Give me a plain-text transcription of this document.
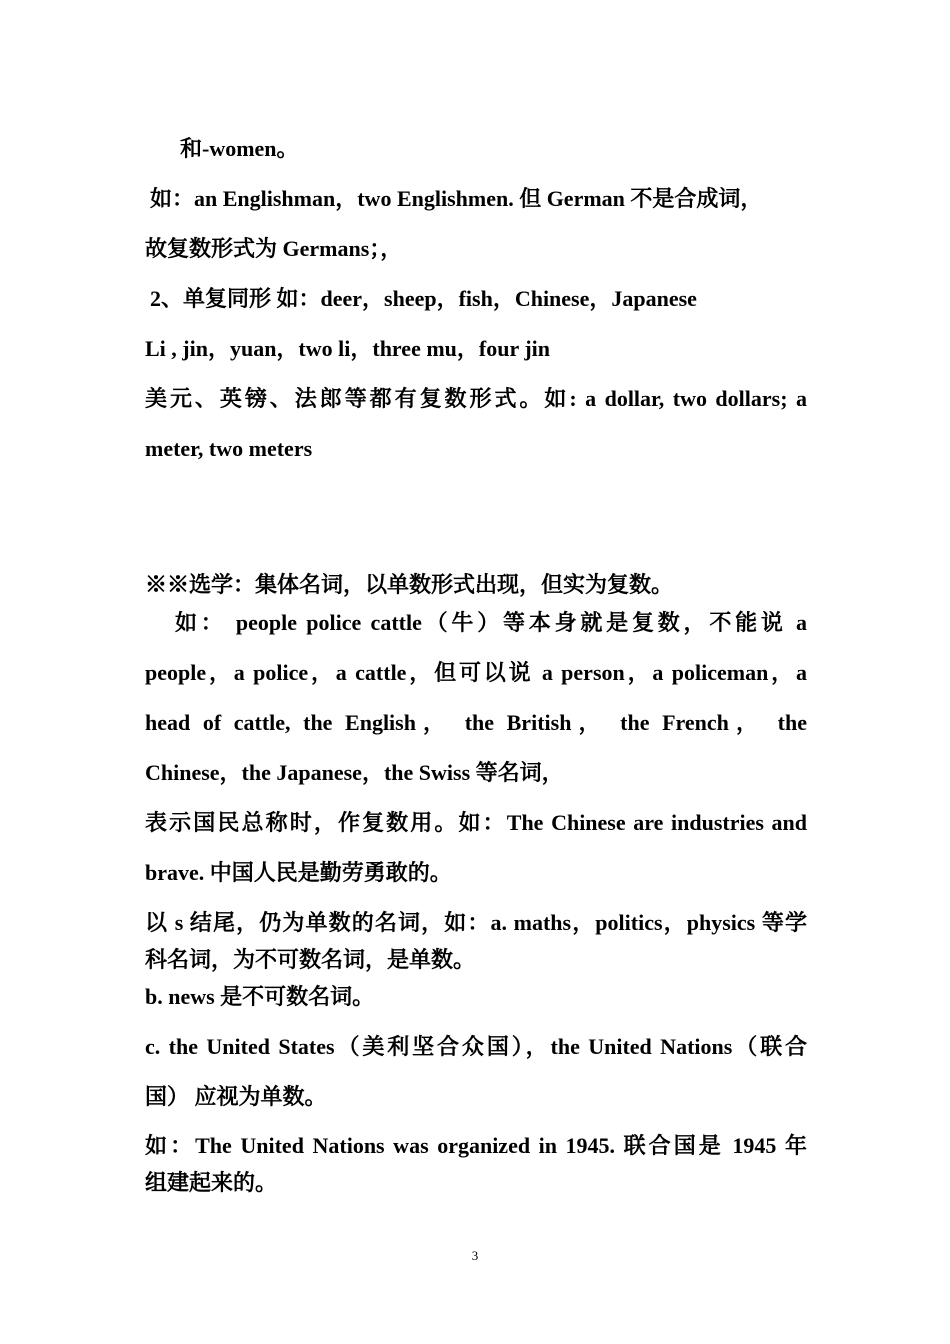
和-women。
如：an Englishman，two Englishmen. 但 German 不是合成词，
故复数形式为 Germans；，
2、单复同形 如：deer，sheep，fish，Chinese，Japanese
Li , jin，yuan，two li，three mu，four jin
美元、英镑、法郎等都有复数形式。如: a dollar, two dollars; a
meter, two meters
※※选学：集体名词，以单数形式出现，但实为复数。
如： people police cattle（牛）等本身就是复数，不能说 a
people，a police，a cattle，但可以说 a person，a policeman，a
head of cattle, the English， the British， the French， the
Chinese，the Japanese，the Swiss 等名词，
表示国民总称时，作复数用。如：The Chinese are industries and
brave. 中国人民是勤劳勇敢的。
以 s 结尾，仍为单数的名词，如：a. maths，politics，physics 等学
科名词，为不可数名词，是单数。
b. news 是不可数名词。
c. the United States（美利坚合众国），the United Nations（联合
国） 应视为单数。
如：The United Nations was organized in 1945. 联合国是 1945 年
组建起来的。
3
